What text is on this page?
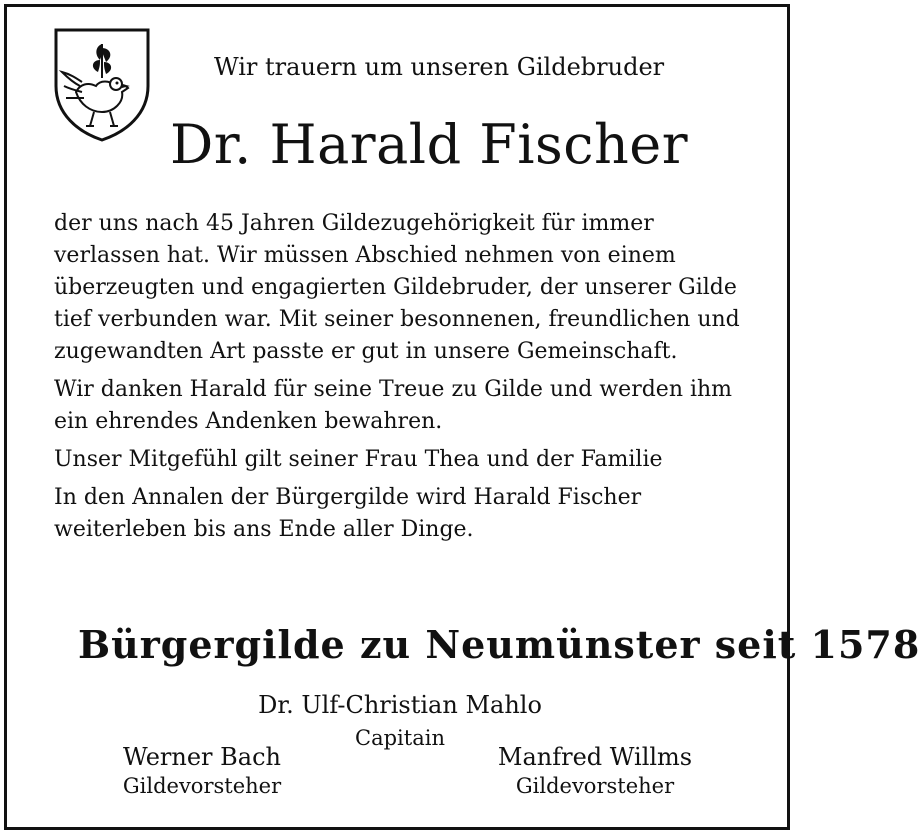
Wir trauern um unseren Gildebruder
Dr. Harald Fischer

der uns nach 45 Jahren Gildezugehörigkeit für immer verlassen hat. Wir müssen Abschied nehmen von einem überzeugten und engagierten Gildebruder, der unserer Gilde tief verbunden war. Mit seiner besonnenen, freundlichen und zugewandten Art passte er gut in unsere Gemeinschaft.

Wir danken Harald für seine Treue zu Gilde und werden ihm ein ehrendes Andenken bewahren.

Unser Mitgefühl gilt seiner Frau Thea und der Familie

In den Annalen der Bürgergilde wird Harald Fischer weiterleben bis ans Ende aller Dinge.

Bürgergilde zu Neumünster seit 1578
Dr. Ulf-Christian Mahlo
Capitain
Werner Bach
Gildevorsteher
Manfred Willms
Gildevorsteher
